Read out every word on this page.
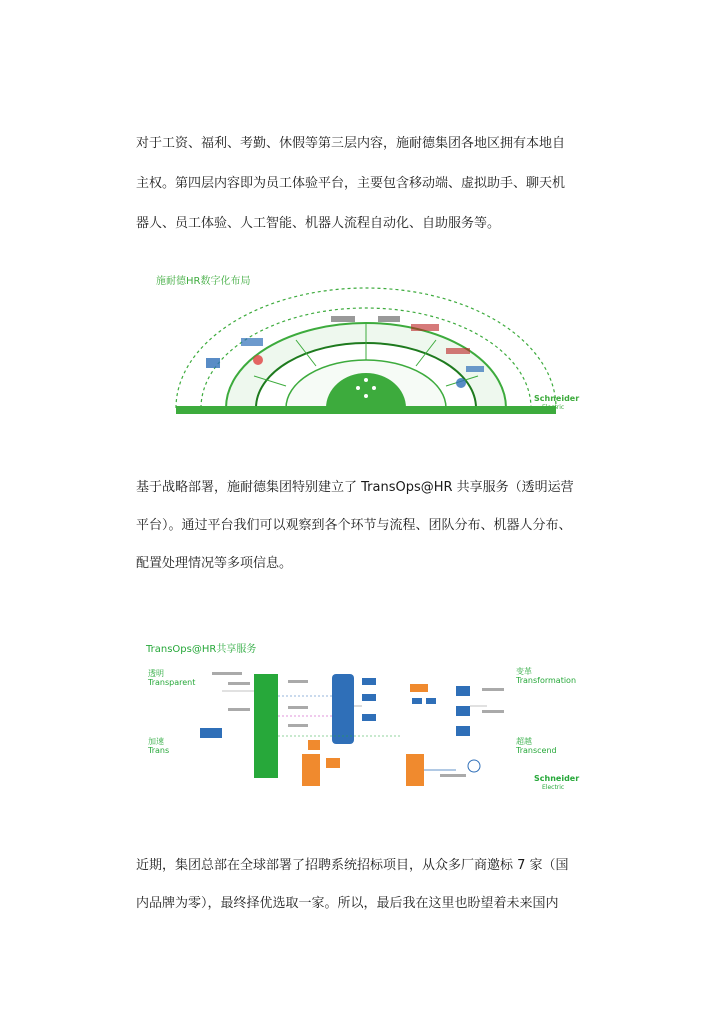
对于工资、福利、考勤、休假等第三层内容，施耐德集团各地区拥有本地自
主权。第四层内容即为员工体验平台，主要包含移动端、虚拟助手、聊天机
器人、员工体验、人工智能、机器人流程自动化、自助服务等。
施耐德HR数字化布局
Schneider
Electric
基于战略部署，施耐德集团特别建立了 TransOps@HR 共享服务（透明运营
平台）。通过平台我们可以观察到各个环节与流程、团队分布、机器人分布、
配置处理情况等多项信息。
TransOps@HR共享服务
透明
Transparent
加速
Trans
变革
Transformation
超越
Transcend
Schneider
Electric
近期，集团总部在全球部署了招聘系统招标项目，从众多厂商邀标 7 家（国
内品牌为零），最终择优选取一家。所以，最后我在这里也盼望着未来国内
